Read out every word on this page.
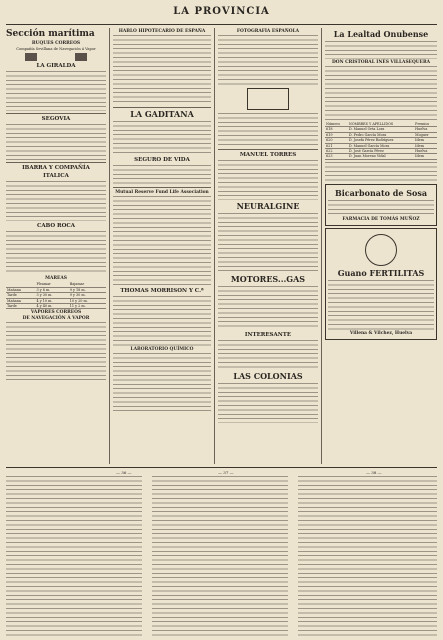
LA PROVINCIA
Sección marítima
BUQUES CORREOS
Compañía Sevillana de Navegación á Vapor
LA GIRALDA
SEGOVIA
IBARRA Y COMPAÑÍA
ITALICA
CABO ROCA
MAREAS
	Pleamar	Bajamar
Mañana	3 y 6 m.	9 y 18 m.
Tarde	3 y 30 m.	9 y 30 m.
Mañana	4 y 10 m.	10 y 20 m.
Tarde	4 y 40 m.	11 y 2 m.
VAPORES CORREOS
DE NAVEGACIÓN Á VAPOR
HABLO HIPOTECARIO DE ESPAÑA
LA GADITANA
SEGURO DE VIDA
Mutual Reserve Fund Life Association
THOMAS MORRISON Y C.ª
LABORATORIO QUÍMICO
FOTOGRAFÍA ESPAÑOLA
MANUEL TORRES
NEURALGINE
MOTORES...GAS
INTERESANTE
LAS COLONIAS
La Lealtad Onubense
DON CRISTOBAL INÉS VILLASEQUERA
Número	NOMBRES Y APELLIDOS	Premios
618	D. Manuel Orta Lora	Huelva
619	D. Pedro García Mora	Moguer
620	D. Josefa Pérez Rodríguez	Idem
621	D. Manuel García Mora	Idem
622	D. José García Pérez	Huelva
623	D. Juan Moreno Vidal	Idem
Bicarbonato de Sosa
FARMACIA DE TOMÁS MUÑOZ
Guano FERTILITAS
Villena & Vilchez, Huelva
— 36 —	— 37 —	— 38 —
